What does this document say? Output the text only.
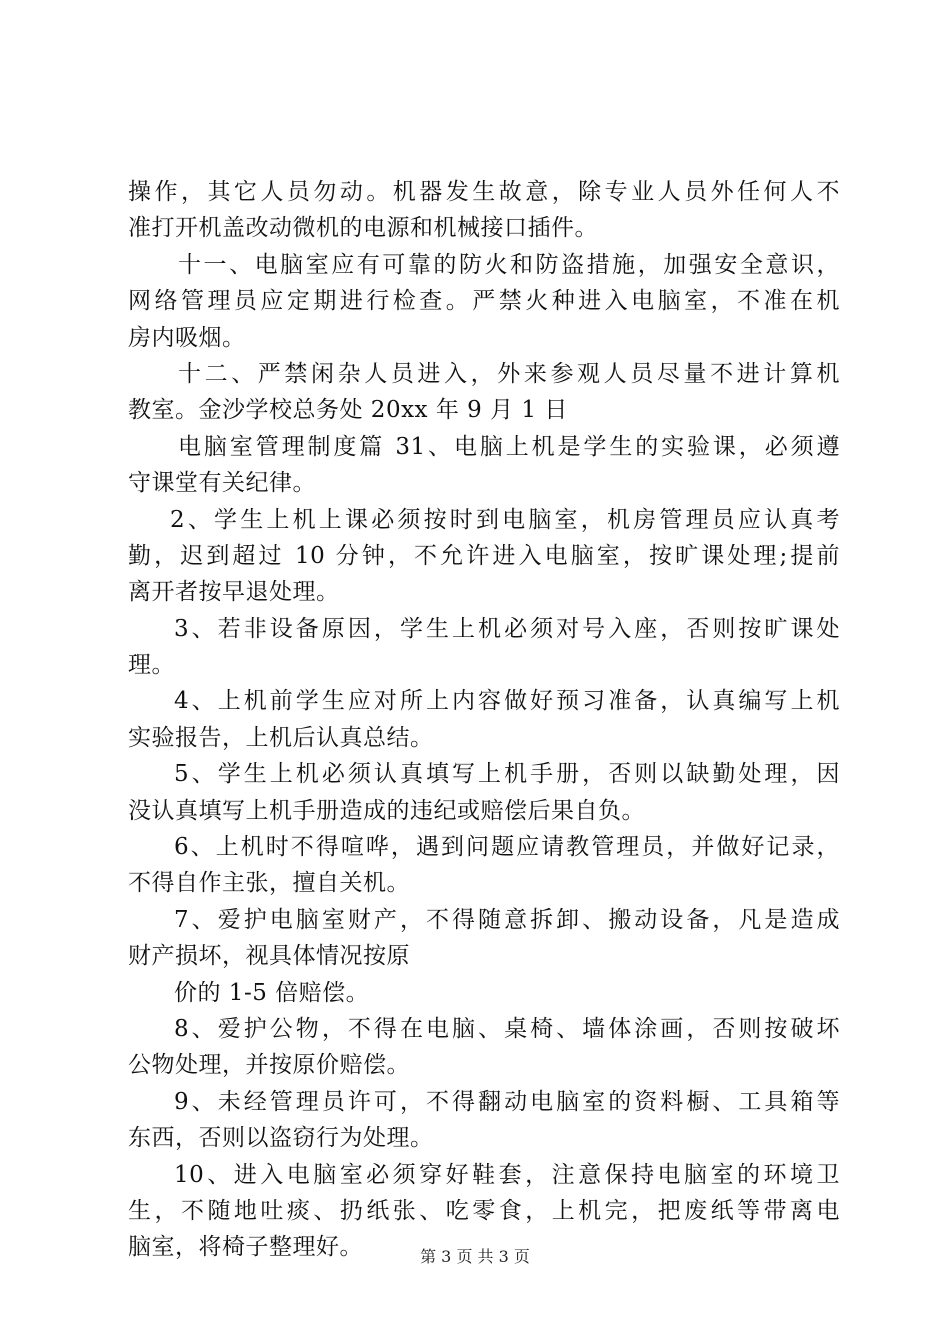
操作，其它人员勿动。机器发生故意，除专业人员外任何人不
准打开机盖改动微机的电源和机械接口插件。
十一、电脑室应有可靠的防火和防盗措施，加强安全意识，
网络管理员应定期进行检查。严禁火种进入电脑室，不准在机
房内吸烟。
十二、严禁闲杂人员进入，外来参观人员尽量不进计算机
教室。金沙学校总务处 20xx 年 9 月 1 日
电脑室管理制度篇 31、电脑上机是学生的实验课，必须遵
守课堂有关纪律。
2、学生上机上课必须按时到电脑室，机房管理员应认真考
勤，迟到超过 10 分钟，不允许进入电脑室，按旷课处理;提前
离开者按早退处理。
3、若非设备原因，学生上机必须对号入座，否则按旷课处
理。
4、上机前学生应对所上内容做好预习准备，认真编写上机
实验报告，上机后认真总结。
5、学生上机必须认真填写上机手册，否则以缺勤处理，因
没认真填写上机手册造成的违纪或赔偿后果自负。
6、上机时不得喧哗，遇到问题应请教管理员，并做好记录，
不得自作主张，擅自关机。
7、爱护电脑室财产，不得随意拆卸、搬动设备，凡是造成
财产损坏，视具体情况按原
价的 1-5 倍赔偿。
8、爱护公物，不得在电脑、桌椅、墙体涂画，否则按破坏
公物处理，并按原价赔偿。
9、未经管理员许可，不得翻动电脑室的资料橱、工具箱等
东西，否则以盗窃行为处理。
10、进入电脑室必须穿好鞋套，注意保持电脑室的环境卫
生，不随地吐痰、扔纸张、吃零食，上机完，把废纸等带离电
脑室，将椅子整理好。	第 3 页 共 3 页
